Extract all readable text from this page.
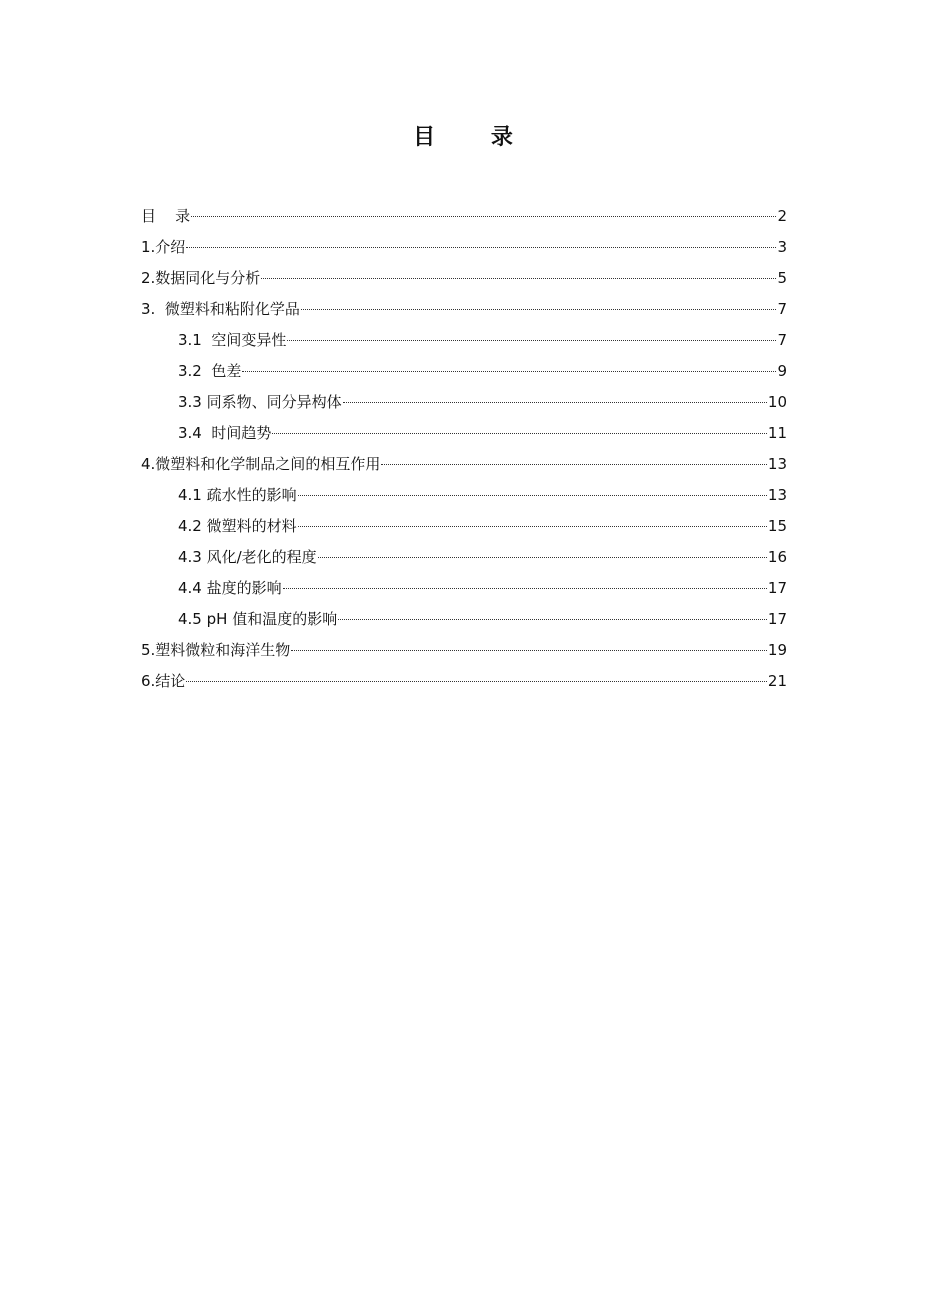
目 录
目    录	2
1.介绍	3
2.数据同化与分析	5
3.  微塑料和粘附化学品	7
3.1  空间变异性	7
3.2  色差	9
3.3 同系物、同分异构体	10
3.4  时间趋势	11
4.微塑料和化学制品之间的相互作用	13
4.1 疏水性的影响	13
4.2 微塑料的材料	15
4.3 风化/老化的程度	16
4.4 盐度的影响	17
4.5 pH 值和温度的影响	17
5.塑料微粒和海洋生物	19
6.结论	21
